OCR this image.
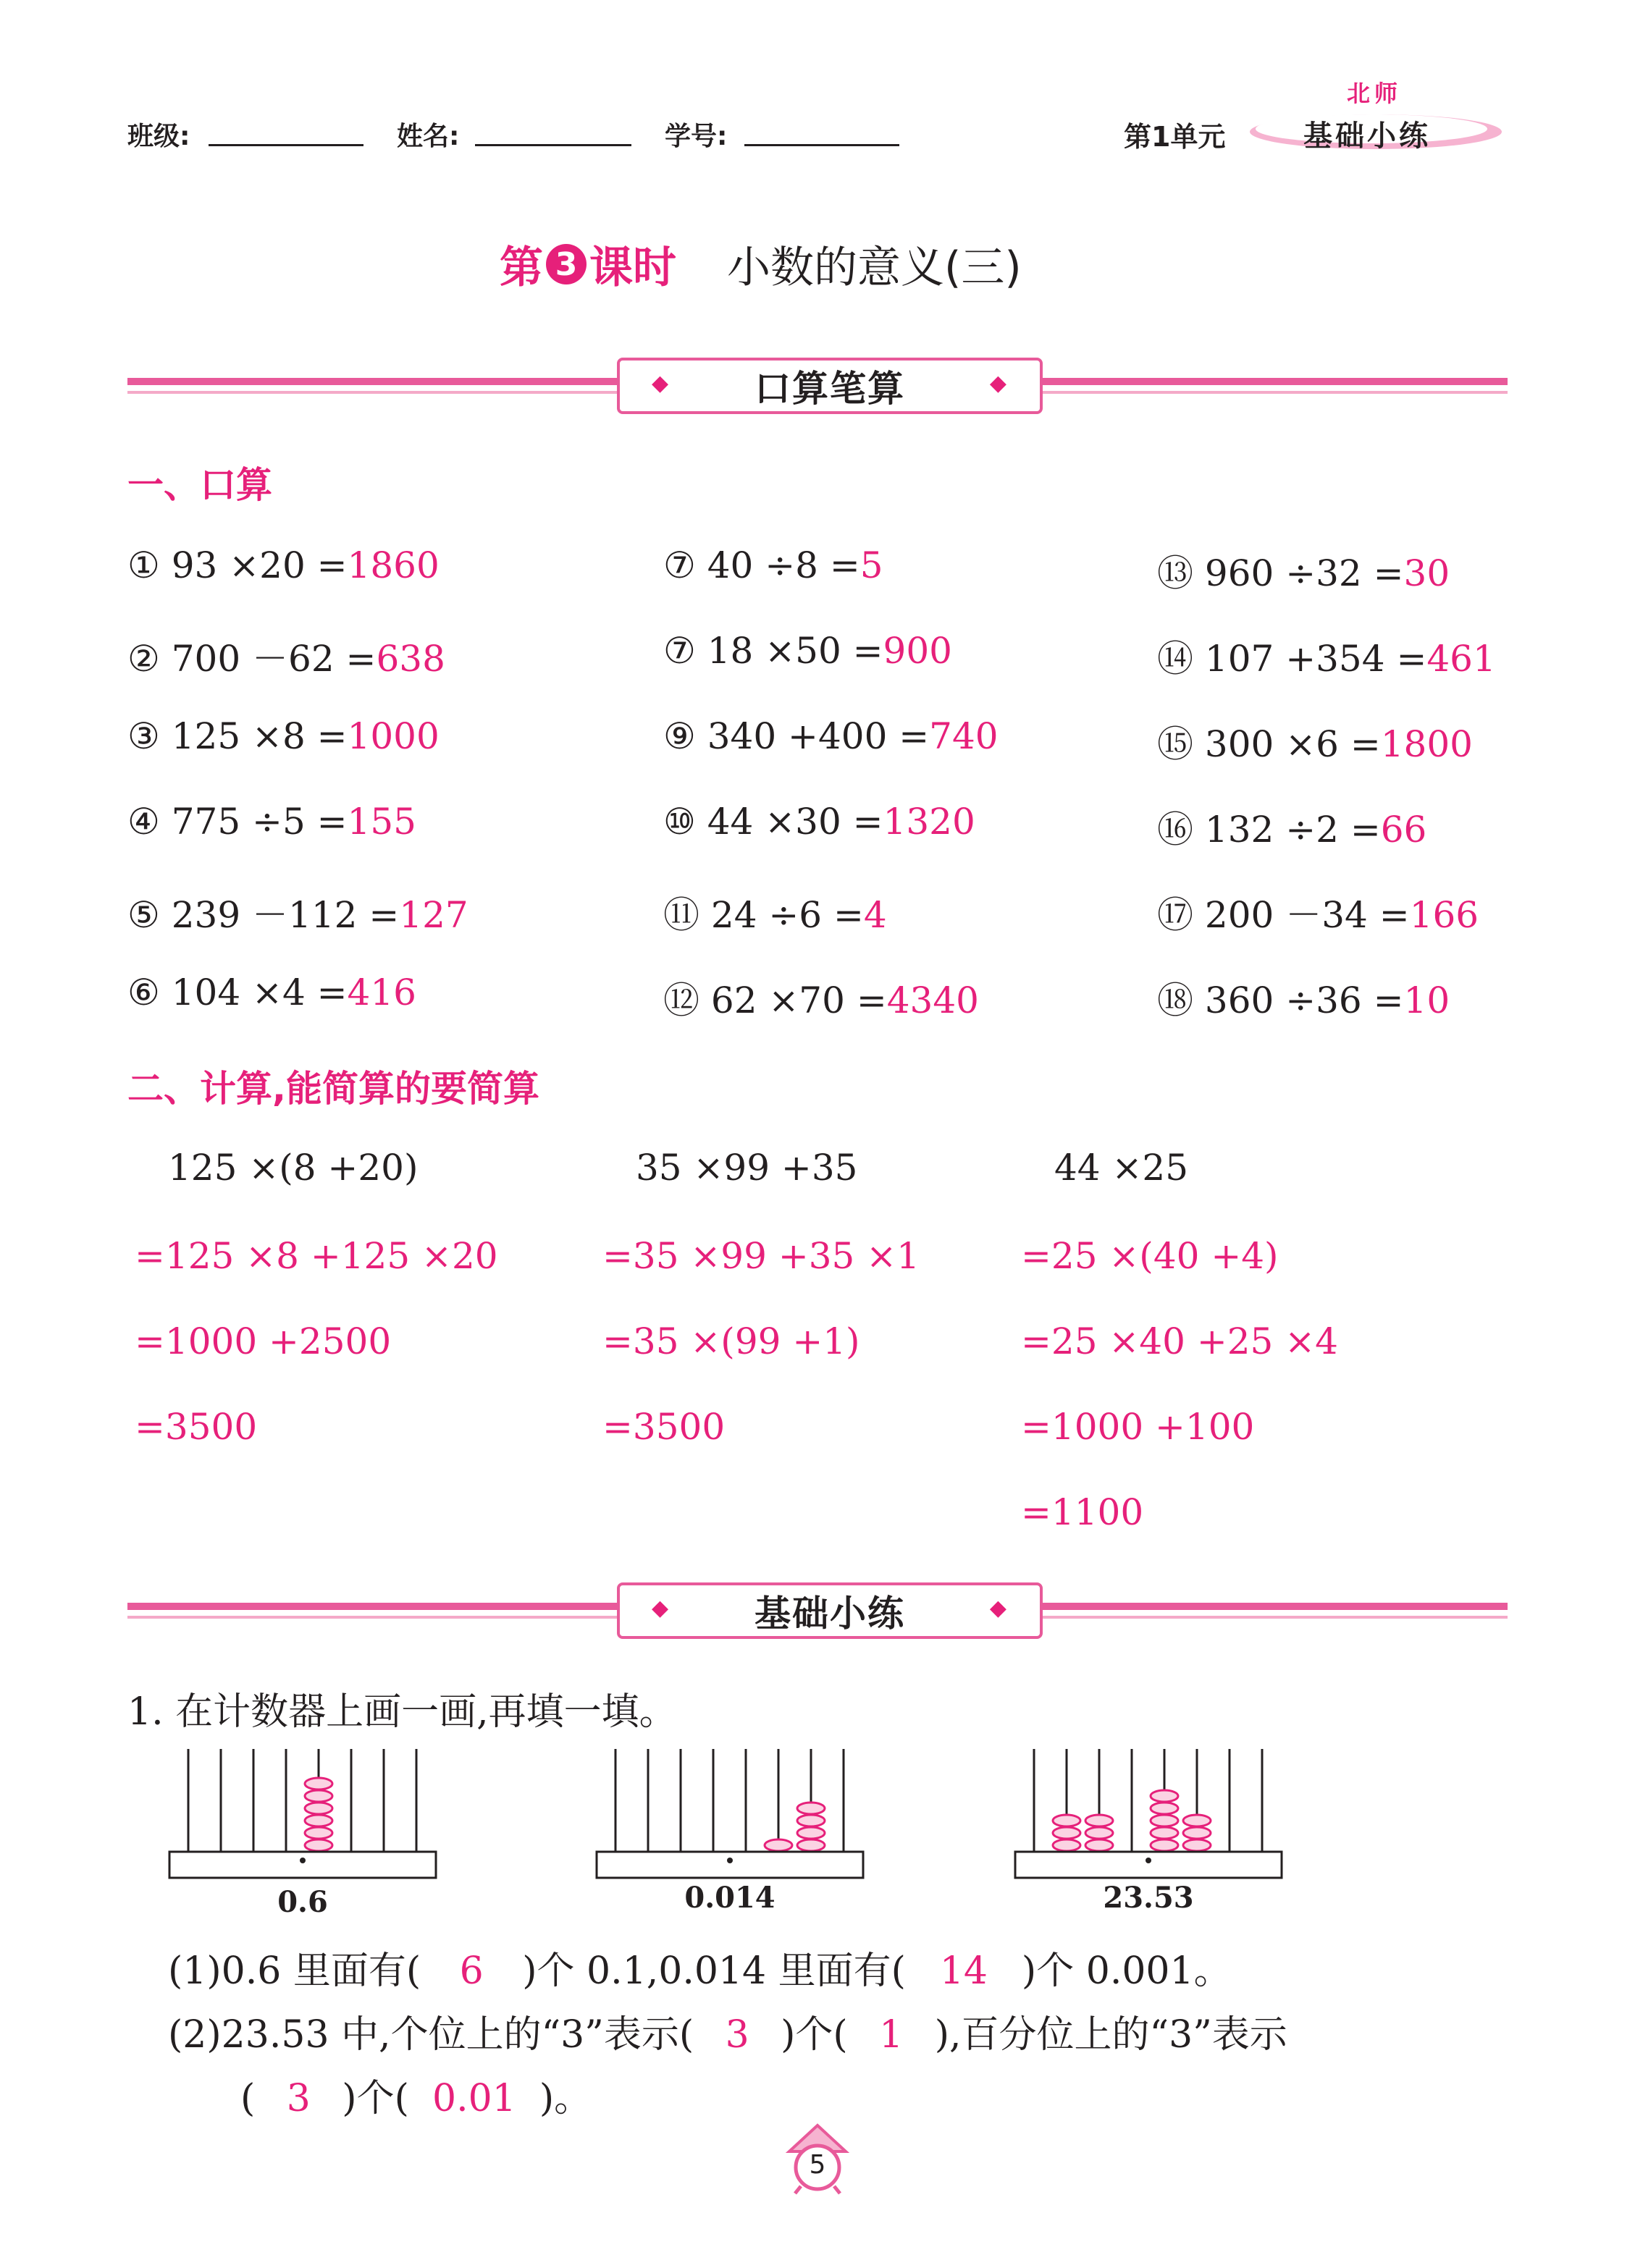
班级:	姓名:	学号:	第1单元	基础小练
北师
第 3 课时 小数的意义(三)
◆ 口算笔算	◆
一、口算
① 93 ×20 =1860
② 700 －62 =638
③ 125 ×8 =1000
④ 775 ÷5 =155
⑤ 239 －112 =127
⑥ 104 ×4 =416
⑦ 40 ÷8 =5
⑦ 18 ×50 =900
⑨ 340 +400 =740
⑩ 44 ×30 =1320
⑪ 24 ÷6 =4
⑫ 62 ×70 =4340
⑬ 960 ÷32 =30
⑭ 107 +354 =461
⑮ 300 ×6 =1800
⑯ 132 ÷2 =66
⑰ 200 －34 =166
⑱ 360 ÷36 =10
二、计算,能简算的要简算
125 ×(8 +20)
=125 ×8 +125 ×20
=1000 +2500
=3500
35 ×99 +35
=35 ×99 +35 ×1
=35 ×(99 +1)
=3500
44 ×25
=25 ×(40 +4)
=25 ×40 +25 ×4
=1000 +100
=1100
◆ 基础小练	◆
1. 在计数器上画一画,再填一填。
0.6	0.014	23.53
(1)0.6 里面有( 6 )个 0.1,0.014 里面有( 14 )个 0.001。
(2)23.53 中,个位上的“3”表示( 3 )个( 1 ),百分位上的“3”表示
( 3 )个( 0.01 )。
5
